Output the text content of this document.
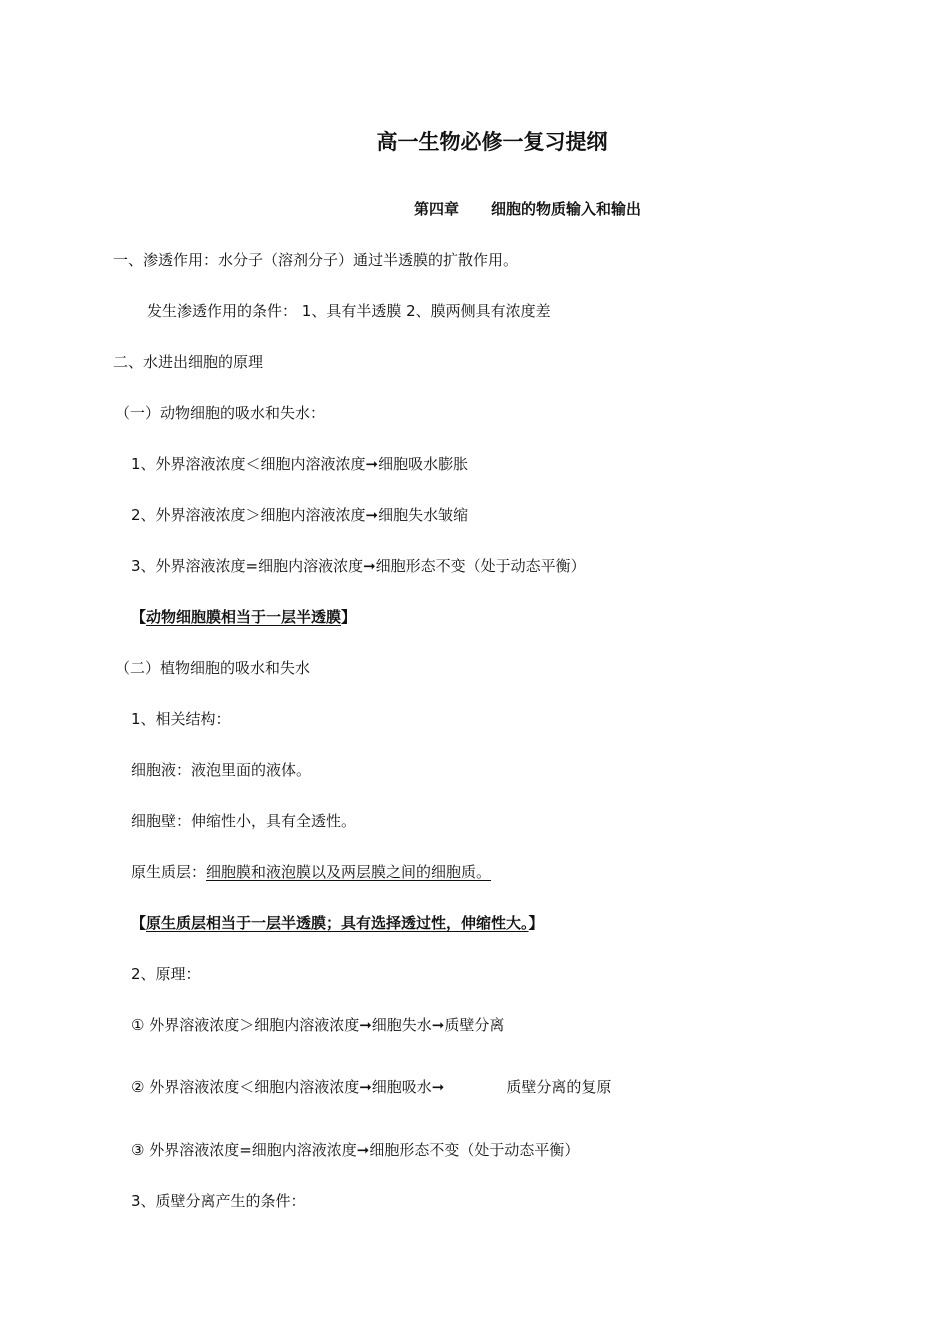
高一生物必修一复习提纲
第四章 细胞的物质输入和输出
一、渗透作用：水分子（溶剂分子）通过半透膜的扩散作用。
发生渗透作用的条件： 1、具有半透膜 2、膜两侧具有浓度差
二、水进出细胞的原理
（一）动物细胞的吸水和失水：
1、外界溶液浓度＜细胞内溶液浓度➞细胞吸水膨胀
2、外界溶液浓度＞细胞内溶液浓度➞细胞失水皱缩
3、外界溶液浓度=细胞内溶液浓度➞细胞形态不变（处于动态平衡）
【动物细胞膜相当于一层半透膜】
（二）植物细胞的吸水和失水
1、相关结构：
细胞液：液泡里面的液体。
细胞壁：伸缩性小，具有全透性。
原生质层：细胞膜和液泡膜以及两层膜之间的细胞质。
【原生质层相当于一层半透膜；具有选择透过性，伸缩性大。】
2、原理：
① 外界溶液浓度＞细胞内溶液浓度➞细胞失水➞质壁分离
② 外界溶液浓度＜细胞内溶液浓度➞细胞吸水➞	质壁分离的复原
③ 外界溶液浓度=细胞内溶液浓度➞细胞形态不变（处于动态平衡）
3、质壁分离产生的条件：
